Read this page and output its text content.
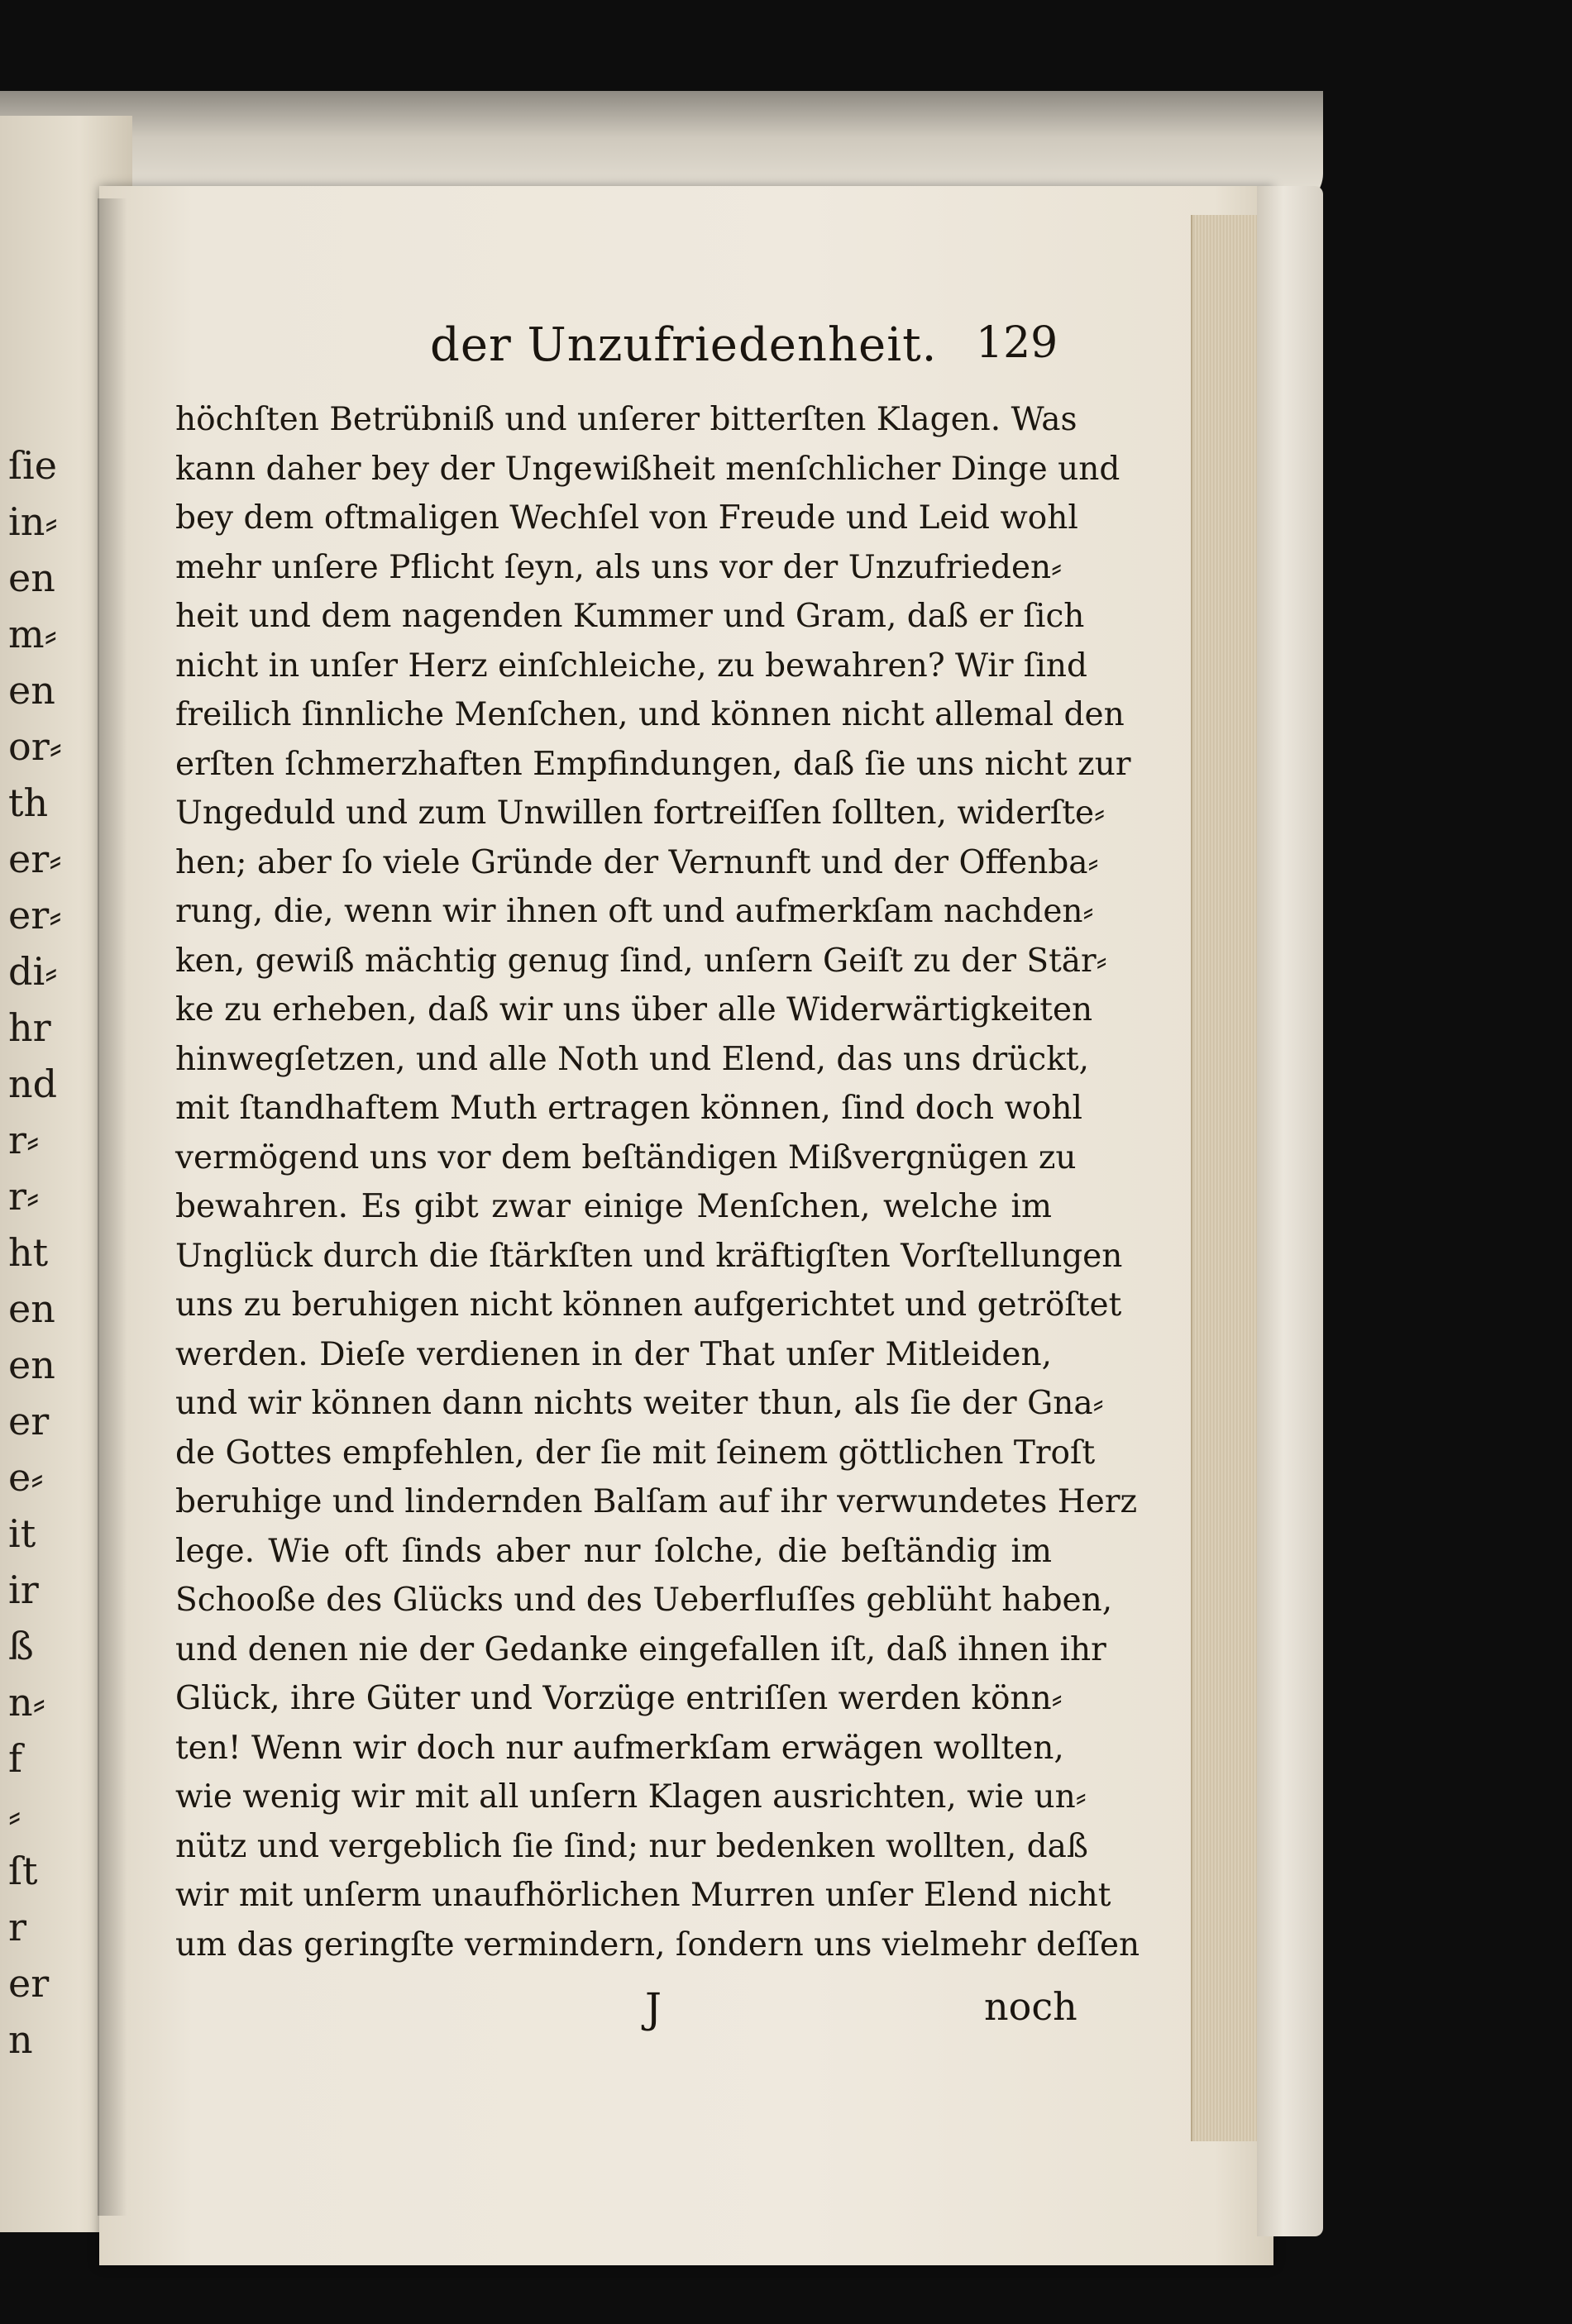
ſie
in⸗
en
m⸗
en
or⸗
th
er⸗
er⸗
di⸗
hr
nd
r⸗
r⸗
ht
en
en
er
e⸗
it
ir
ß
n⸗
f
⸗
ſt
r
er
n
der Unzufriedenheit. 129
höchſten Betrübniß und unſerer bitterſten Klagen. Was
kann daher bey der Ungewißheit menſchlicher Dinge und
bey dem oftmaligen Wechſel von Freude und Leid wohl
mehr unſere Pflicht ſeyn, als uns vor der Unzufrieden⸗
heit und dem nagenden Kummer und Gram, daß er ſich
nicht in unſer Herz einſchleiche, zu bewahren? Wir ſind
freilich ſinnliche Menſchen, und können nicht allemal den
erſten ſchmerzhaften Empfindungen, daß ſie uns nicht zur
Ungeduld und zum Unwillen fortreiſſen ſollten, widerſte⸗
hen; aber ſo viele Gründe der Vernunft und der Offenba⸗
rung, die, wenn wir ihnen oft und aufmerkſam nachden⸗
ken, gewiß mächtig genug ſind, unſern Geiſt zu der Stär⸗
ke zu erheben, daß wir uns über alle Widerwärtigkeiten
hinwegſetzen, und alle Noth und Elend, das uns drückt,
mit ſtandhaftem Muth ertragen können, ſind doch wohl
vermögend uns vor dem beſtändigen Mißvergnügen zu
bewahren. Es gibt zwar einige Menſchen, welche im
Unglück durch die ſtärkſten und kräftigſten Vorſtellungen
uns zu beruhigen nicht können aufgerichtet und getröſtet
werden. Dieſe verdienen in der That unſer Mitleiden,
und wir können dann nichts weiter thun, als ſie der Gna⸗
de Gottes empfehlen, der ſie mit ſeinem göttlichen Troſt
beruhige und lindernden Balſam auf ihr verwundetes Herz
lege. Wie oft ſinds aber nur ſolche, die beſtändig im
Schooße des Glücks und des Ueberfluſſes geblüht haben,
und denen nie der Gedanke eingefallen iſt, daß ihnen ihr
Glück, ihre Güter und Vorzüge entriſſen werden könn⸗
ten! Wenn wir doch nur aufmerkſam erwägen wollten,
wie wenig wir mit all unſern Klagen ausrichten, wie un⸗
nütz und vergeblich ſie ſind; nur bedenken wollten, daß
wir mit unſerm unaufhörlichen Murren unſer Elend nicht
um das geringſte vermindern, ſondern uns vielmehr deſſen
J	noch
